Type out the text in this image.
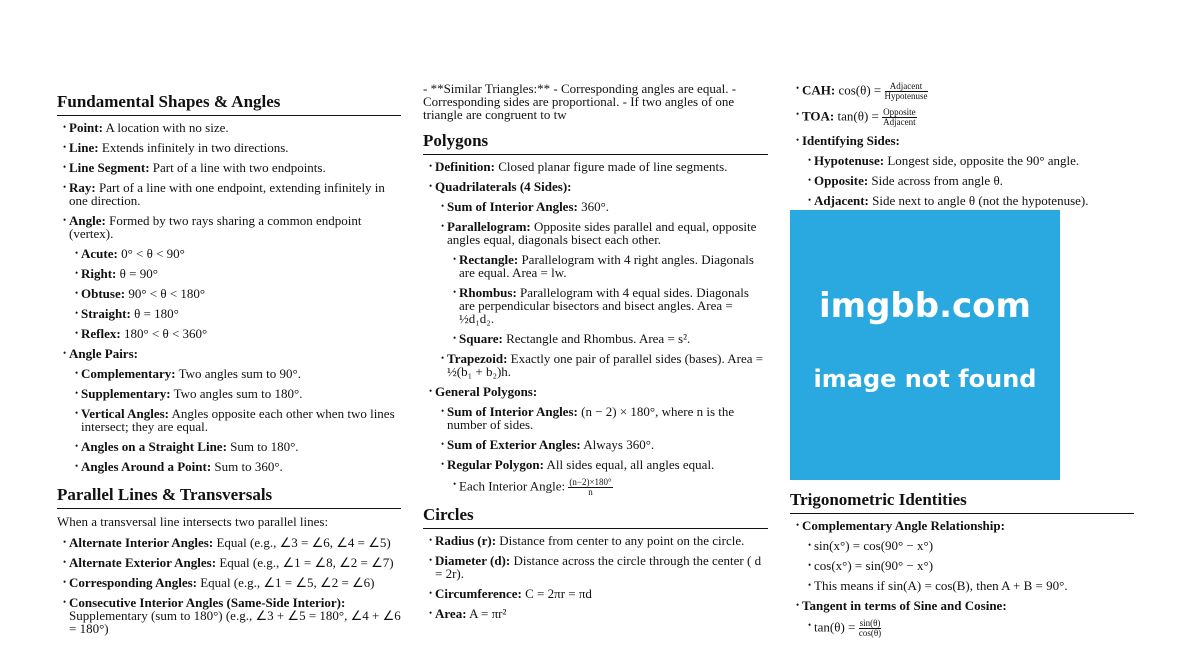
Fundamental Shapes & Angles
• Point: A location with no size.
• Line: Extends infinitely in two directions.
• Line Segment: Part of a line with two endpoints.
• Ray: Part of a line with one endpoint, extending infinitely in one direction.
• Angle: Formed by two rays sharing a common endpoint (vertex).
• Acute: 0° < θ < 90°
• Right: θ = 90°
• Obtuse: 90° < θ < 180°
• Straight: θ = 180°
• Reflex: 180° < θ < 360°
• Angle Pairs:
• Complementary: Two angles sum to 90°.
• Supplementary: Two angles sum to 180°.
• Vertical Angles: Angles opposite each other when two lines intersect; they are equal.
• Angles on a Straight Line: Sum to 180°.
• Angles Around a Point: Sum to 360°.
Parallel Lines & Transversals

When a transversal line intersects two parallel lines:

• Alternate Interior Angles: Equal (e.g., ∠3 = ∠6, ∠4 = ∠5)
• Alternate Exterior Angles: Equal (e.g., ∠1 = ∠8, ∠2 = ∠7)
• Corresponding Angles: Equal (e.g., ∠1 = ∠5, ∠2 = ∠6)
• Consecutive Interior Angles (Same-Side Interior): Supplementary (sum to 180°) (e.g., ∠3 + ∠5 = 180°, ∠4 + ∠6 = 180°)

- **Similar Triangles:** - Corresponding angles are equal. - Corresponding sides are proportional. - If two angles of one triangle are congruent to tw

Polygons
• Definition: Closed planar figure made of line segments.
• Quadrilaterals (4 Sides):
• Sum of Interior Angles: 360°.
• Parallelogram: Opposite sides parallel and equal, opposite angles equal, diagonals bisect each other.
• Rectangle: Parallelogram with 4 right angles. Diagonals are equal. Area = lw.
• Rhombus: Parallelogram with 4 equal sides. Diagonals are perpendicular bisectors and bisect angles. Area = ½d₁d₂.
• Square: Rectangle and Rhombus. Area = s².
• Trapezoid: Exactly one pair of parallel sides (bases). Area = ½(b₁ + b₂)h.
• General Polygons:
• Sum of Interior Angles: (n − 2) × 180°, where n is the number of sides.
• Sum of Exterior Angles: Always 360°.
• Regular Polygon: All sides equal, all angles equal.
• Each Interior Angle: $\frac{(n-2)\times 180^\circ}{n}$
Circles
• Radius (r): Distance from center to any point on the circle.
• Diameter (d): Distance across the circle through the center ( d = 2r).
• Circumference: C = 2πr = πd
• Area: A = πr²
• CAH: $\cos(\theta) = \frac{\text{Adjacent}}{\text{Hypotenuse}}$
• TOA: $\tan(\theta) = \frac{\text{Opposite}}{\text{Adjacent}}$
• Identifying Sides:
• Hypotenuse: Longest side, opposite the 90° angle.
• Opposite: Side across from angle θ.
• Adjacent: Side next to angle θ (not the hypotenuse).
imgbb.com
image not found
Trigonometric Identities
• Complementary Angle Relationship:
• sin(x°) = cos(90° − x°)
• cos(x°) = sin(90° − x°)
• This means if sin(A) = cos(B), then A + B = 90°.
• Tangent in terms of Sine and Cosine:
• $\tan(\theta) = \frac{\sin(\theta)}{\cos(\theta)}$
